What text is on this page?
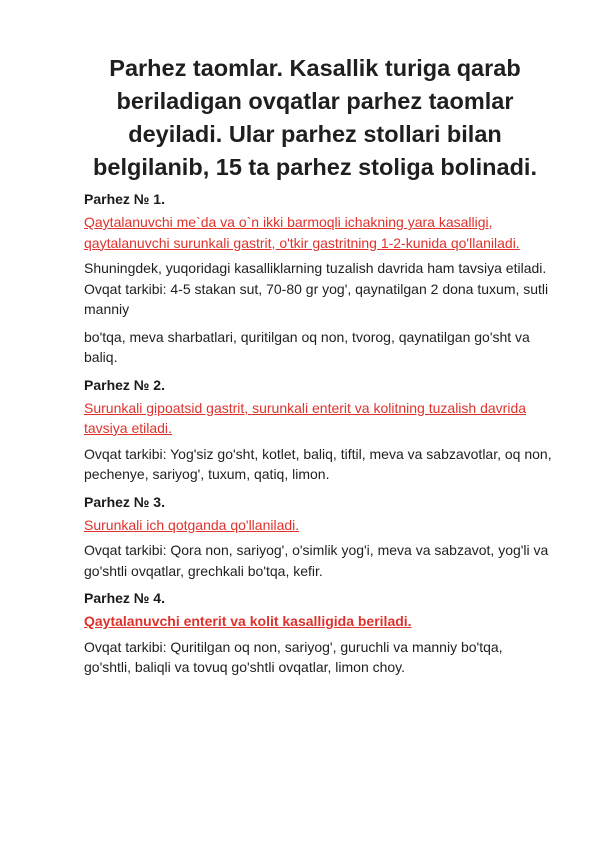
Parhez taomlar. Kasallik turiga qarab beriladigan ovqatlar parhez taomlar deyiladi. Ular parhez stollari bilan belgilanib, 15 ta parhez stoliga bolinadi.
Parhez № 1.

Qaytalanuvchi me`da va o`n ikki barmoqli ichakning yara kasalligi, qaytalanuvchi surunkali gastrit, o'tkir gastritning 1-2-kunida qo'llaniladi.

Shuningdek, yuqoridagi kasalliklarning tuzalish davrida ham tavsiya etiladi. Ovqat tarkibi: 4-5 stakan sut, 70-80 gr yog', qaynatilgan 2 dona tuxum, sutli manniy

bo'tqa, meva sharbatlari, quritilgan oq non, tvorog, qaynatilgan go'sht va baliq.

Parhez № 2.

Surunkali gipoatsid gastrit, surunkali enterit va kolitning tuzalish davrida tavsiya etiladi.

Ovqat tarkibi: Yog'siz go'sht, kotlet, baliq, tiftil, meva va sabzavotlar, oq non, pechenye, sariyog', tuxum, qatiq, limon.

Parhez № 3.

Surunkali ich qotganda qo'llaniladi.

Ovqat tarkibi: Qora non, sariyog', o'simlik yog'i, meva va sabzavot, yog'li va go'shtli ovqatlar, grechkali bo'tqa, kefir.

Parhez № 4.

Qaytalanuvchi enterit va kolit kasalligida beriladi.

Ovqat tarkibi: Quritilgan oq non, sariyog', guruchli va manniy bo'tqa, go'shtli, baliqli va tovuq go'shtli ovqatlar, limon choy.
